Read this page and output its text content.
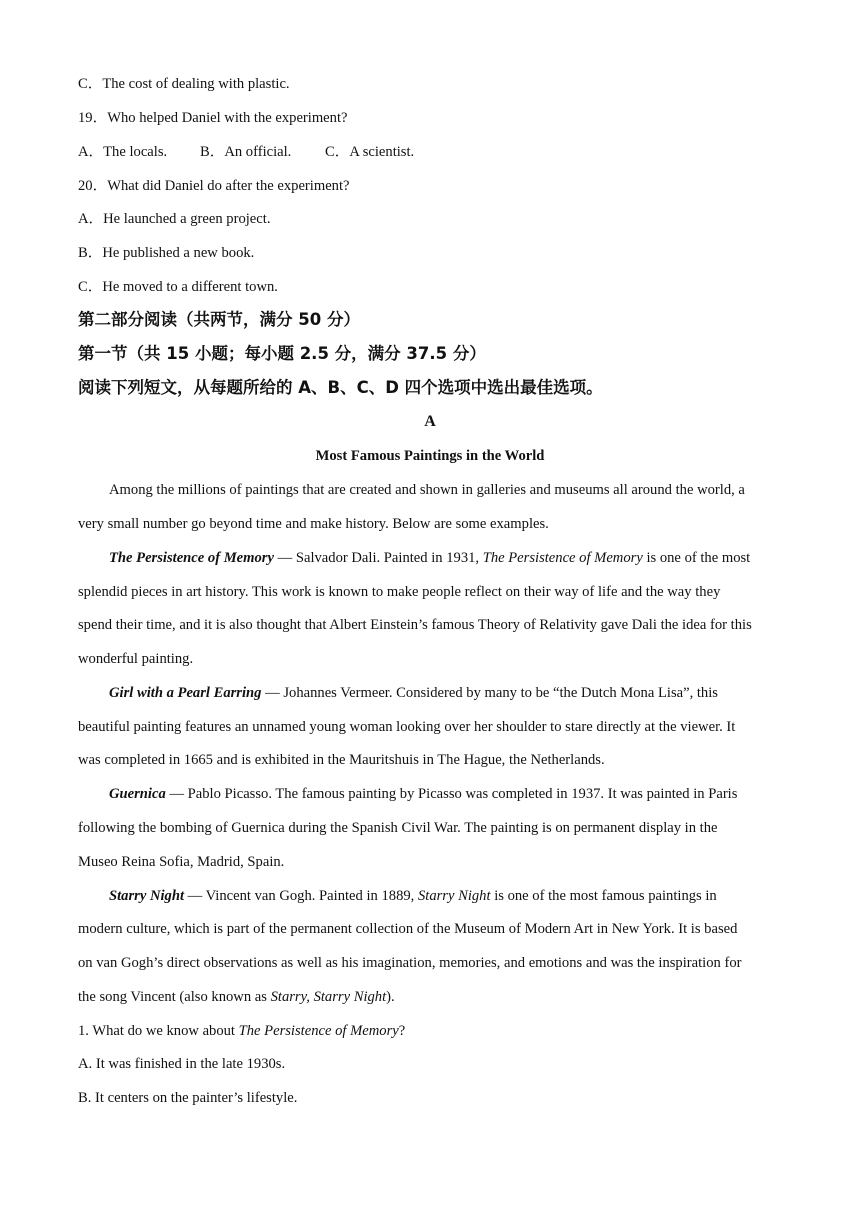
C．The cost of dealing with plastic.
19．Who helped Daniel with the experiment?
A．The locals. B．An official. C．A scientist.
20．What did Daniel do after the experiment?
A．He launched a green project.
B．He published a new book.
C．He moved to a different town.
第二部分阅读（共两节，满分 50 分）
第一节（共 15 小题；每小题 2.5 分，满分 37.5 分）
阅读下列短文，从每题所给的 A、B、C、D 四个选项中选出最佳选项。
A
Most Famous Paintings in the World
Among the millions of paintings that are created and shown in galleries and museums all around the world, a
very small number go beyond time and make history. Below are some examples.
The Persistence of Memory — Salvador Dali. Painted in 1931, The Persistence of Memory is one of the most
splendid pieces in art history. This work is known to make people reflect on their way of life and the way they
spend their time, and it is also thought that Albert Einstein’s famous Theory of Relativity gave Dali the idea for this
wonderful painting.
Girl with a Pearl Earring — Johannes Vermeer. Considered by many to be “the Dutch Mona Lisa”, this
beautiful painting features an unnamed young woman looking over her shoulder to stare directly at the viewer. It
was completed in 1665 and is exhibited in the Mauritshuis in The Hague, the Netherlands.
Guernica — Pablo Picasso. The famous painting by Picasso was completed in 1937. It was painted in Paris
following the bombing of Guernica during the Spanish Civil War. The painting is on permanent display in the
Museo Reina Sofia, Madrid, Spain.
Starry Night — Vincent van Gogh. Painted in 1889, Starry Night is one of the most famous paintings in
modern culture, which is part of the permanent collection of the Museum of Modern Art in New York. It is based
on van Gogh’s direct observations as well as his imagination, memories, and emotions and was the inspiration for
the song Vincent (also known as Starry, Starry Night).
1. What do we know about The Persistence of Memory?
A. It was finished in the late 1930s.
B. It centers on the painter’s lifestyle.
